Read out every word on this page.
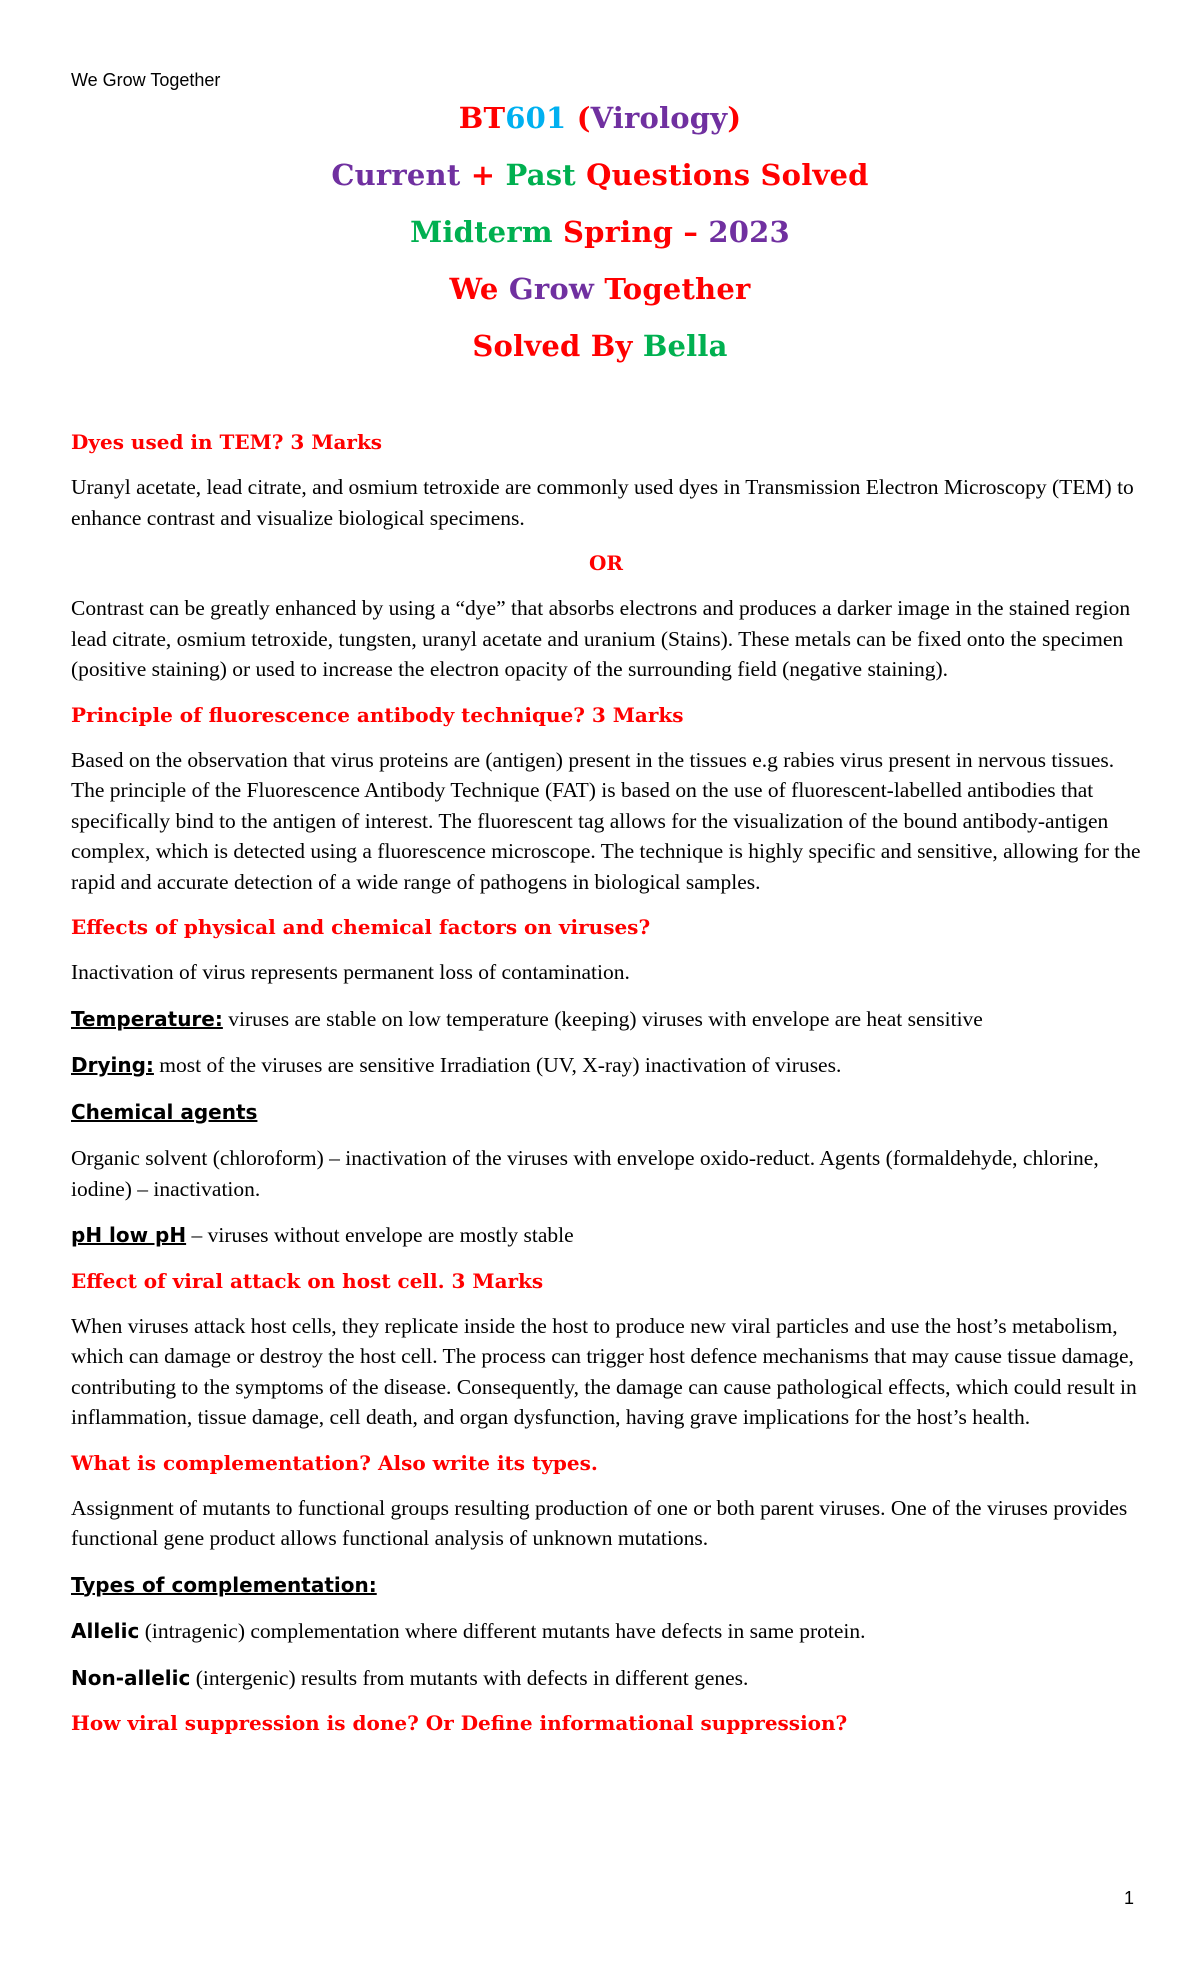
We Grow Together
BT601 (Virology)
Current + Past Questions Solved
Midterm Spring – 2023
We Grow Together
Solved By Bella
Dyes used in TEM? 3 Marks
Uranyl acetate, lead citrate, and osmium tetroxide are commonly used dyes in Transmission Electron Microscopy (TEM) to enhance contrast and visualize biological specimens.
OR
Contrast can be greatly enhanced by using a “dye” that absorbs electrons and produces a darker image in the stained region lead citrate, osmium tetroxide, tungsten, uranyl acetate and uranium (Stains). These metals can be fixed onto the specimen (positive staining) or used to increase the electron opacity of the surrounding field (negative staining).
Principle of fluorescence antibody technique? 3 Marks
Based on the observation that virus proteins are (antigen) present in the tissues e.g rabies virus present in nervous tissues. The principle of the Fluorescence Antibody Technique (FAT) is based on the use of fluorescent-labelled antibodies that specifically bind to the antigen of interest. The fluorescent tag allows for the visualization of the bound antibody-antigen complex, which is detected using a fluorescence microscope. The technique is highly specific and sensitive, allowing for the rapid and accurate detection of a wide range of pathogens in biological samples.
Effects of physical and chemical factors on viruses?
Inactivation of virus represents permanent loss of contamination.
Temperature: viruses are stable on low temperature (keeping) viruses with envelope are heat sensitive
Drying: most of the viruses are sensitive Irradiation (UV, X-ray) inactivation of viruses.
Chemical agents
Organic solvent (chloroform) – inactivation of the viruses with envelope oxido-reduct. Agents (formaldehyde, chlorine, iodine) – inactivation.
pH low pH – viruses without envelope are mostly stable
Effect of viral attack on host cell. 3 Marks
When viruses attack host cells, they replicate inside the host to produce new viral particles and use the host’s metabolism, which can damage or destroy the host cell. The process can trigger host defence mechanisms that may cause tissue damage, contributing to the symptoms of the disease. Consequently, the damage can cause pathological effects, which could result in inflammation, tissue damage, cell death, and organ dysfunction, having grave implications for the host’s health.
What is complementation? Also write its types.
Assignment of mutants to functional groups resulting production of one or both parent viruses. One of the viruses provides functional gene product allows functional analysis of unknown mutations.
Types of complementation:
Allelic (intragenic) complementation where different mutants have defects in same protein.
Non-allelic (intergenic) results from mutants with defects in different genes.
How viral suppression is done? Or Define informational suppression?
1
